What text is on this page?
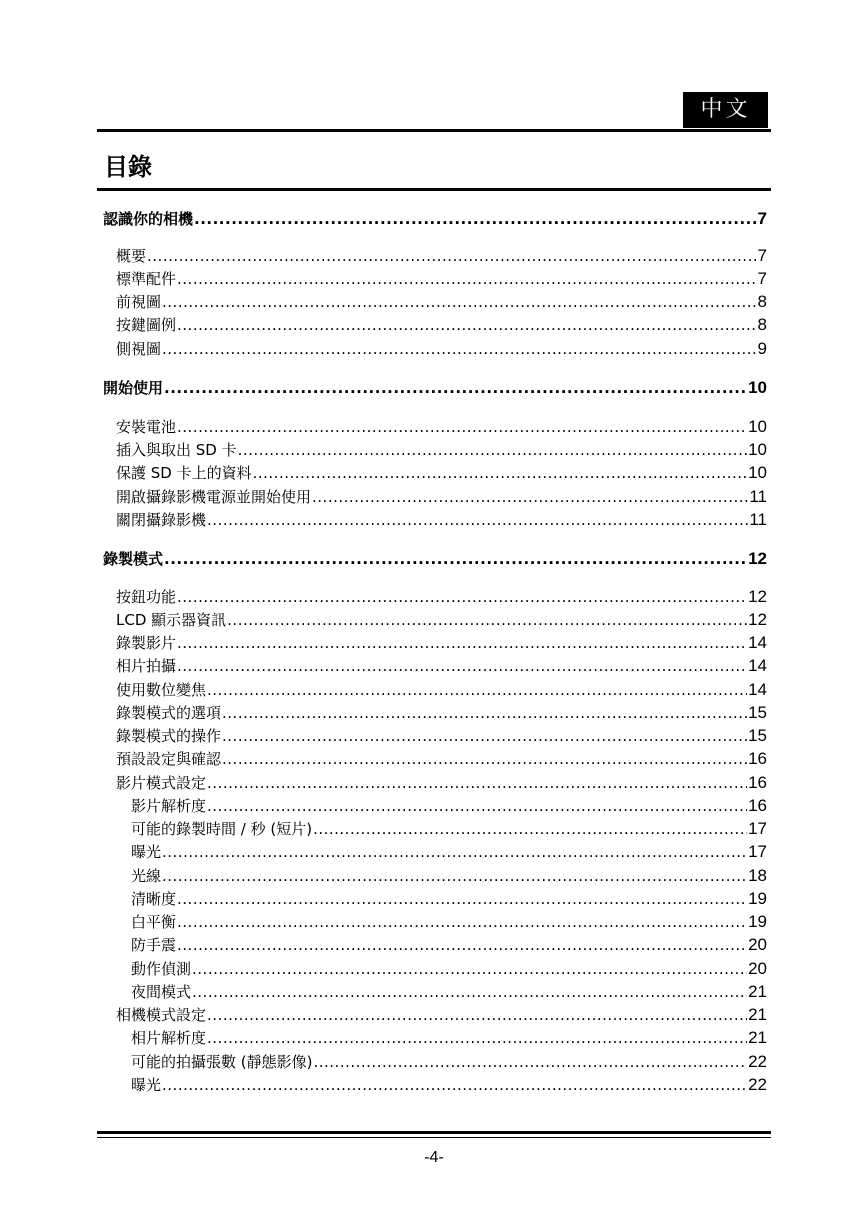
中文
目錄
認識你的相機 .....	7
概要 .....	7
標準配件 .....	7
前視圖 .....	8
按鍵圖例 .....	8
側視圖 .....	9
開始使用 .....	10
安裝電池 .....	10
插入與取出 SD 卡 .....	10
保護 SD 卡上的資料 .....	10
開啟攝錄影機電源並開始使用 .....	11
關閉攝錄影機 .....	11
錄製模式 .....	12
按鈕功能 .....	12
LCD 顯示器資訊 .....	12
錄製影片 .....	14
相片拍攝 .....	14
使用數位變焦 .....	14
錄製模式的選項 .....	15
錄製模式的操作 .....	15
預設設定與確認 .....	16
影片模式設定 .....	16
影片解析度 .....	16
可能的錄製時間 / 秒 (短片) .....	17
曝光 .....	17
光線 .....	18
清晰度 .....	19
白平衡 .....	19
防手震 .....	20
動作偵測 .....	20
夜間模式 .....	21
相機模式設定 .....	21
相片解析度 .....	21
可能的拍攝張數 (靜態影像) .....	22
曝光 .....	22
-4-
